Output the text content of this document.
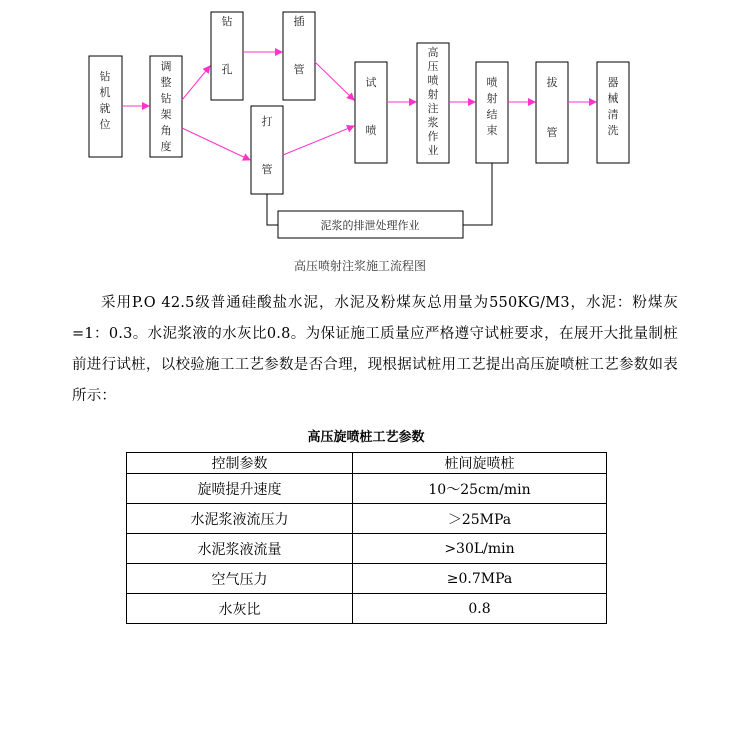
钻
机
就
位
调
整
钻
架
角
度
钻
孔
插
管
打
管
试
喷
高
压
喷
射
注
浆
作
业
喷
射
结
束
拔
管
器
械
清
洗
泥浆的排泄处理作业
高压喷射注浆施工流程图

采用P.O 42.5级普通硅酸盐水泥，水泥及粉煤灰总用量为550KG/M3，水泥：粉煤灰=1：0.3。水泥浆液的水灰比0.8。为保证施工质量应严格遵守试桩要求，在展开大批量制桩前进行试桩，以校验施工工艺参数是否合理，现根据试桩用工艺提出高压旋喷桩工艺参数如表所示：

高压旋喷桩工艺参数
控制参数	桩间旋喷桩
旋喷提升速度	10～25cm/min
水泥浆液流压力	＞25MPa
水泥浆液流量	>30L/min
空气压力	≥0.7MPa
水灰比	0.8
